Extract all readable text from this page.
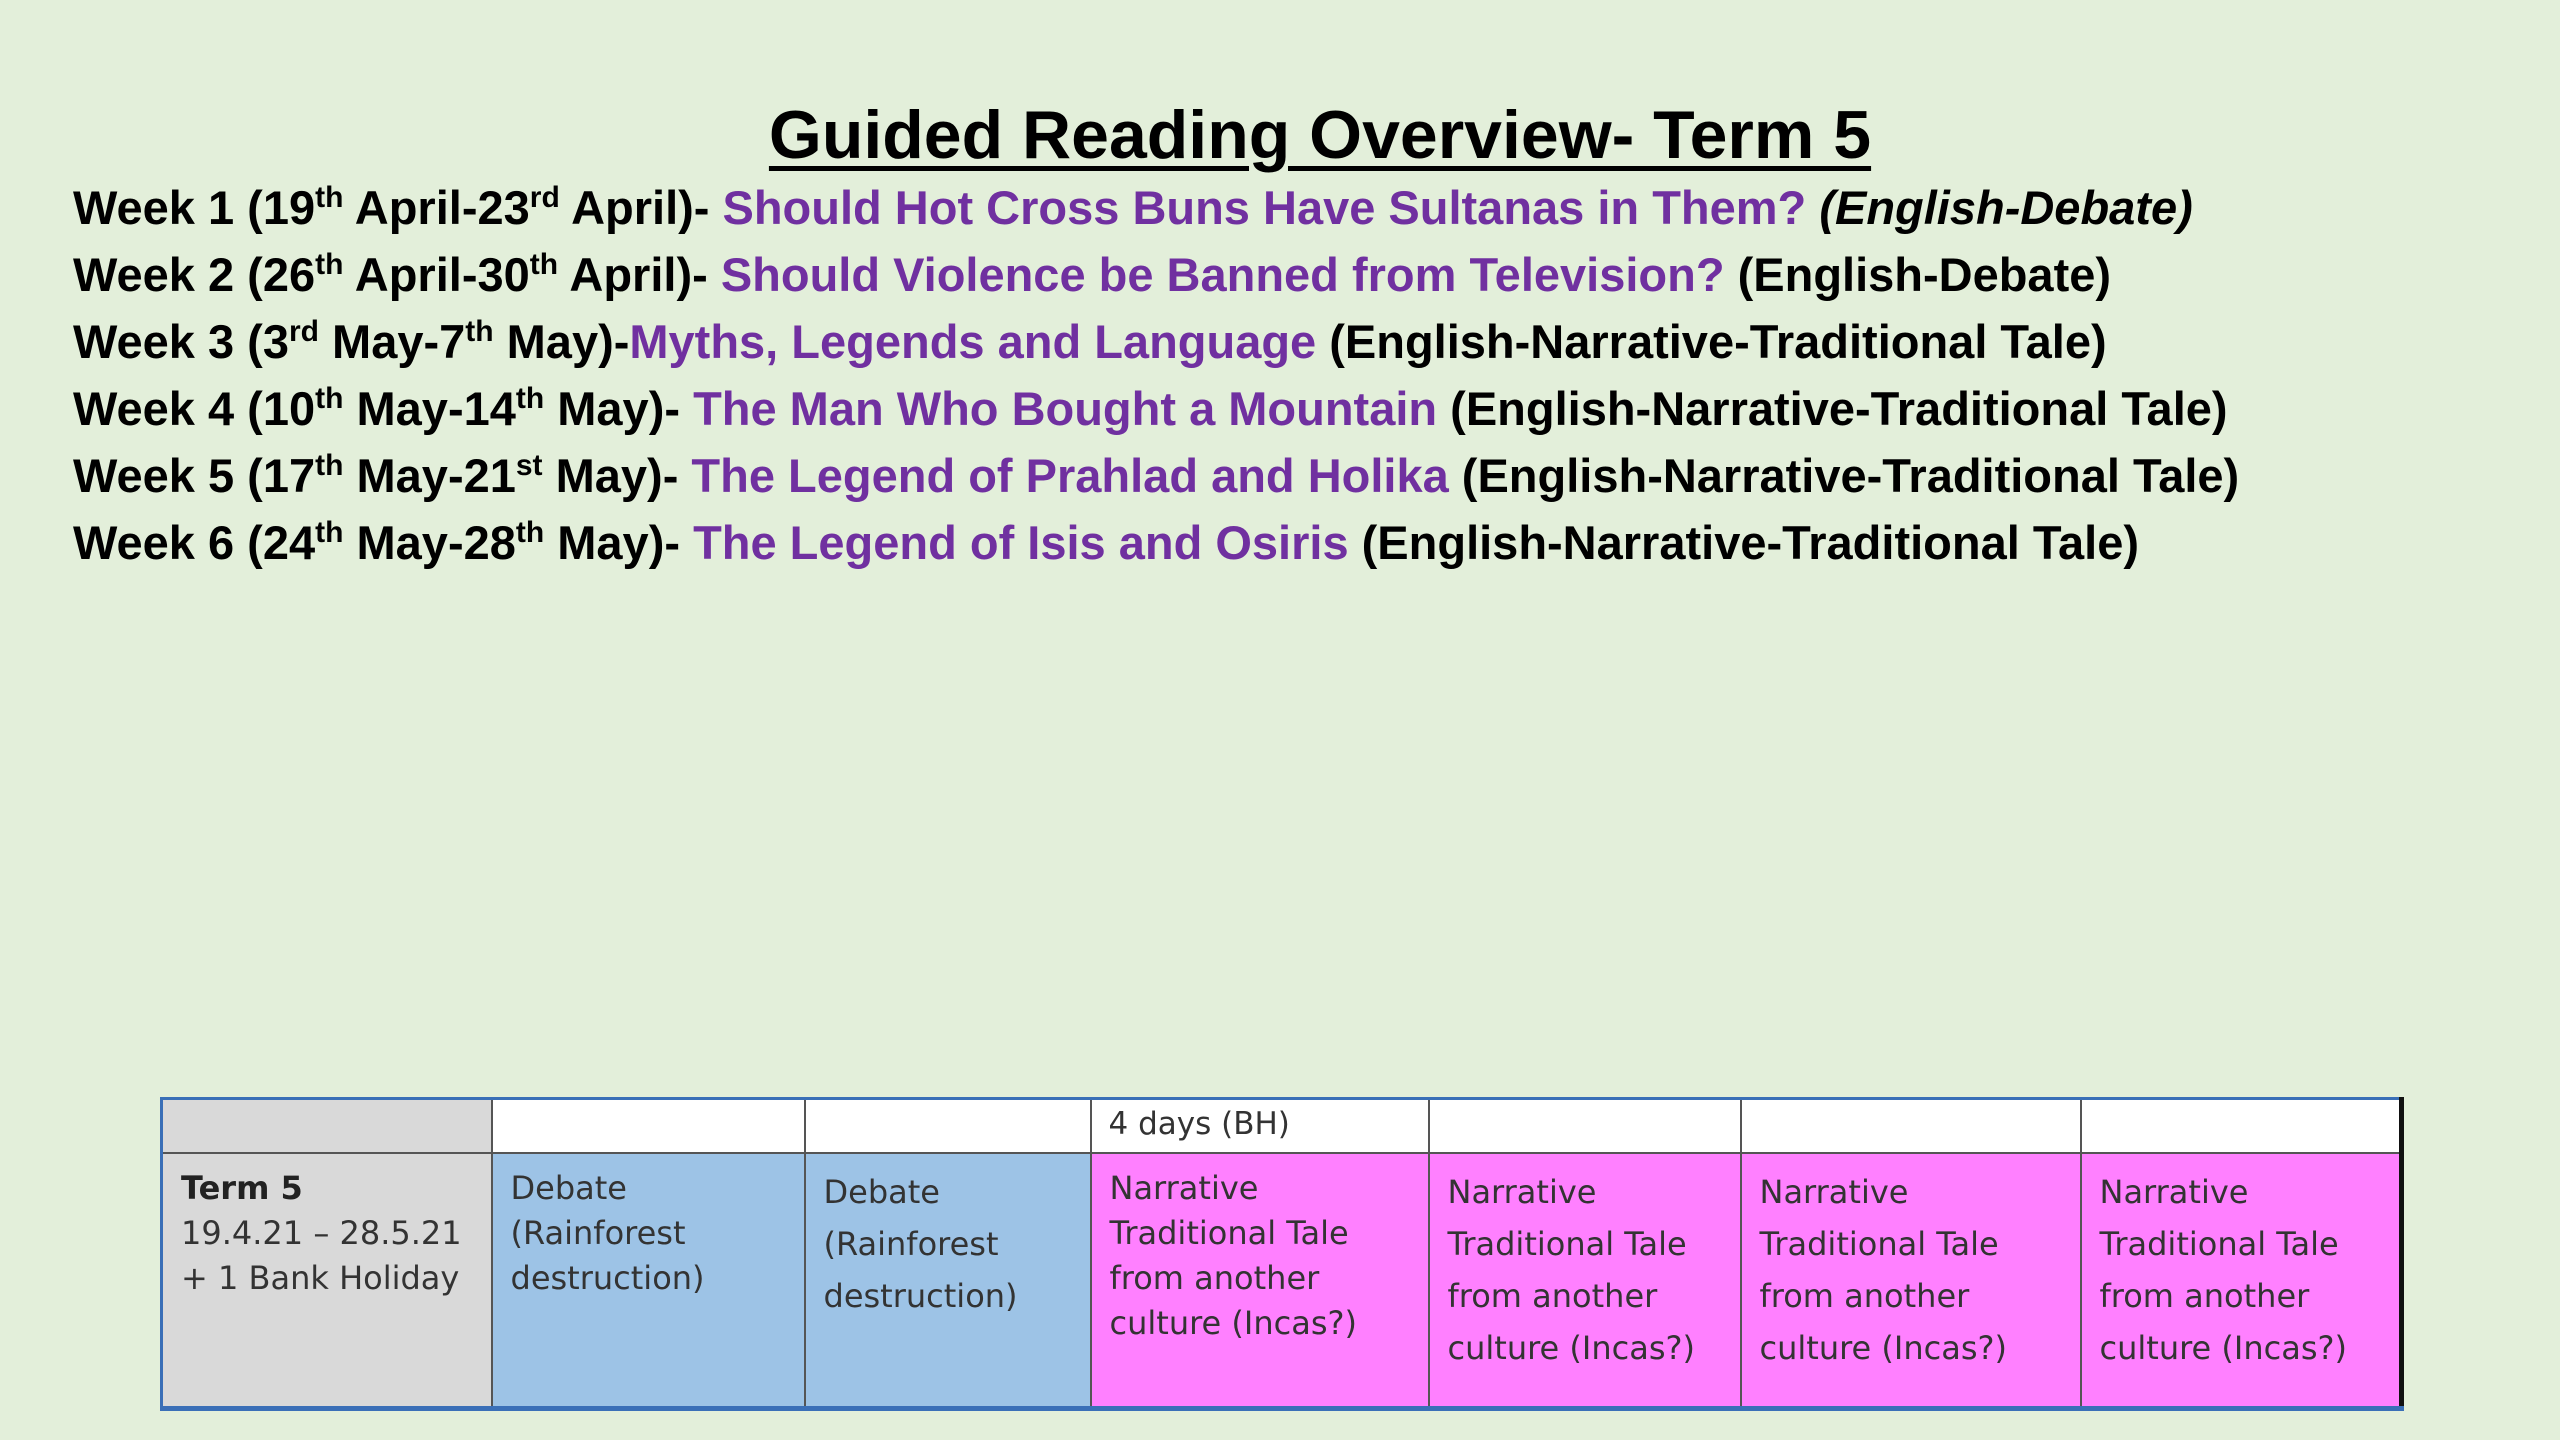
Guided Reading Overview- Term 5
Week 1 (19th April-23rd April)- Should Hot Cross Buns Have Sultanas in Them? (English-Debate)
Week 2 (26th April-30th April)- Should Violence be Banned from Television? (English-Debate)
Week 3 (3rd May-7th May)-Myths, Legends and Language (English-Narrative-Traditional Tale)
Week 4 (10th May-14th May)- The Man Who Bought a Mountain (English-Narrative-Traditional Tale)
Week 5 (17th May-21st May)- The Legend of Prahlad and Holika (English-Narrative-Traditional Tale)
Week 6 (24th May-28th May)- The Legend of Isis and Osiris (English-Narrative-Traditional Tale)
			4 days (BH)			

Term 5
19.4.21 – 28.5.21
+ 1 Bank Holiday	Debate
(Rainforest
destruction)	Debate
(Rainforest
destruction)	Narrative
Traditional Tale
from another
culture (Incas?)	Narrative
Traditional Tale
from another
culture (Incas?)	Narrative
Traditional Tale
from another
culture (Incas?)	Narrative
Traditional Tale
from another
culture (Incas?)
